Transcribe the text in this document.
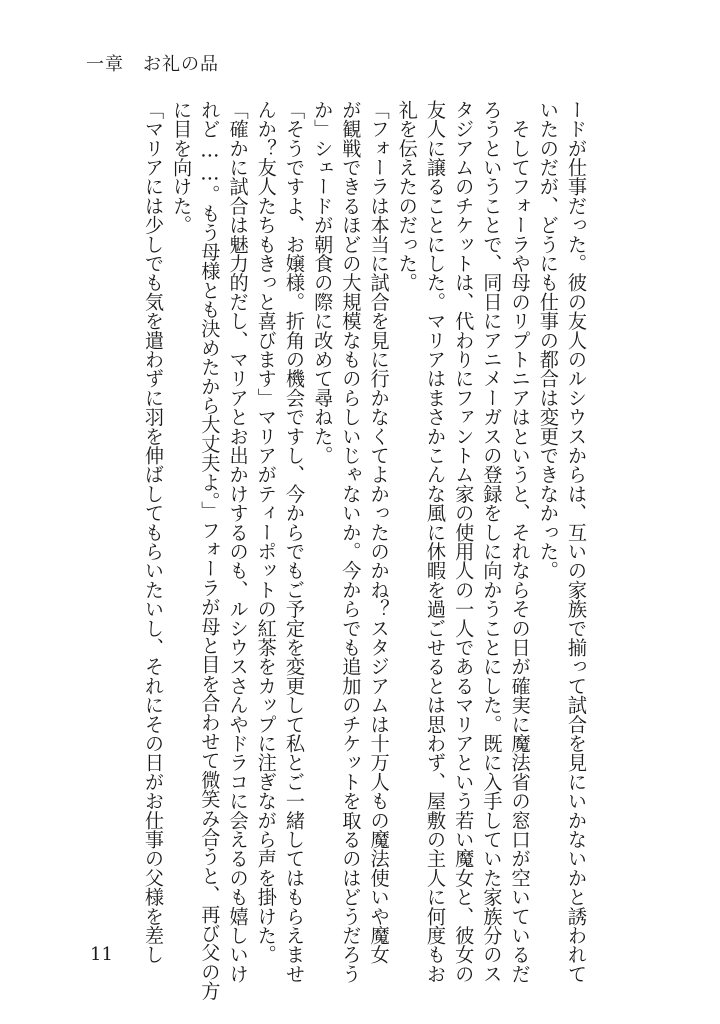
一章　お礼の品

ードが仕事だった。彼の友人のルシウスからは、互いの家族で揃って試合を見にいかないかと誘われて

いたのだが、どうにも仕事の都合は変更できなかった。

　そしてフォーラや母のリプトニアはというと、それならその日が確実に魔法省の窓口が空いているだ

ろうということで、同日にアニメーガスの登録をしに向かうことにした。既に入手していた家族分のス

タジアムのチケットは、代わりにファントム家の使用人の一人であるマリアという若い魔女と、彼女の

友人に譲ることにした。マリアはまさかこんな風に休暇を過ごせるとは思わず、屋敷の主人に何度もお

礼を伝えたのだった。

「フォーラは本当に試合を見に行かなくてよかったのかね？スタジアムは十万人もの魔法使いや魔女

が観戦できるほどの大規模なものらしいじゃないか。今からでも追加のチケットを取るのはどうだろう

か」シェードが朝食の際に改めて尋ねた。

「そうですよ、お嬢様。折角の機会ですし、今からでもご予定を変更して私とご一緒してはもらえませ

んか？友人たちもきっと喜びます」マリアがティーポットの紅茶をカップに注ぎながら声を掛けた。

「確かに試合は魅力的だし、マリアとお出かけするのも、ルシウスさんやドラコに会えるのも嬉しいけ

れど……。もう母様とも決めたから大丈夫よ。」フォーラが母と目を合わせて微笑み合うと、再び父の方

に目を向けた。

「マリアには少しでも気を遣わずに羽を伸ばしてもらいたいし、それにその日がお仕事の父様を差し

11
